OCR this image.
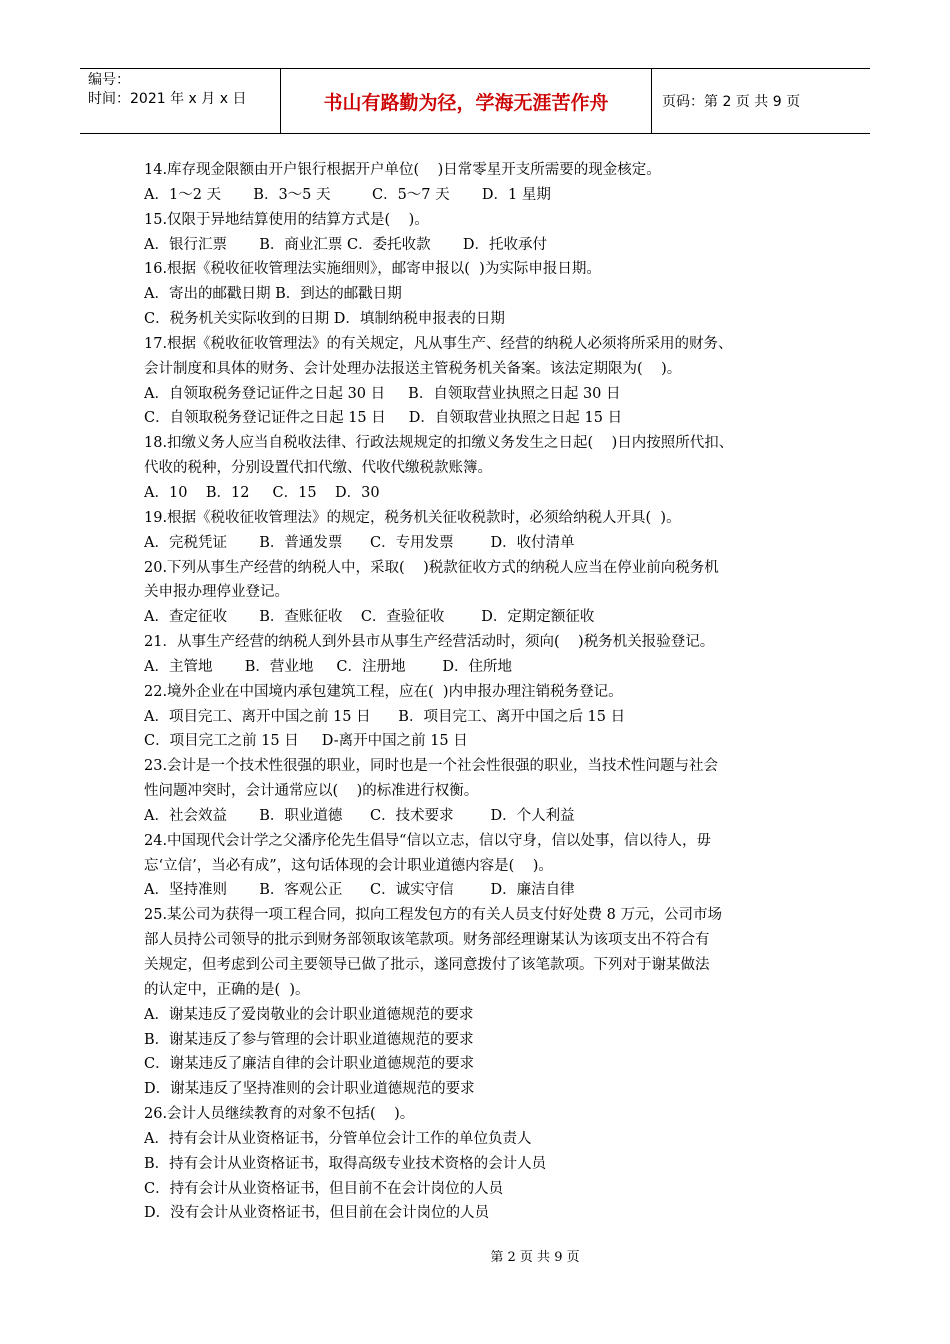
编号：
时间：2021 年 x 月 x 日	书山有路勤为径，学海无涯苦作舟	页码：第 2 页 共 9 页
14.库存现金限额由开户银行根据开户单位(    )日常零星开支所需要的现金核定。
A．1～2 天       B．3～5 天         C．5～7 天       D．1 星期
15.仅限于异地结算使用的结算方式是(    )。
A．银行汇票       B．商业汇票 C．委托收款       D．托收承付
16.根据《税收征收管理法实施细则》，邮寄申报以(  )为实际申报日期。
A．寄出的邮戳日期 B．到达的邮戳日期
C．税务机关实际收到的日期 D．填制纳税申报表的日期
17.根据《税收征收管理法》的有关规定，凡从事生产、经营的纳税人必须将所采用的财务、
会计制度和具体的财务、会计处理办法报送主管税务机关备案。该法定期限为(    )。
A．自领取税务登记证件之日起 30 日     B．自领取营业执照之日起 30 日
C．自领取税务登记证件之日起 15 日     D．自领取营业执照之日起 15 日
18.扣缴义务人应当自税收法律、行政法规规定的扣缴义务发生之日起(    )日内按照所代扣、
代收的税种，分别设置代扣代缴、代收代缴税款账簿。
A．10    B．12     C．15    D．30
19.根据《税收征收管理法》的规定，税务机关征收税款时，必须给纳税人开具(  )。
A．完税凭证       B．普通发票      C．专用发票        D．收付清单
20.下列从事生产经营的纳税人中，采取(    )税款征收方式的纳税人应当在停业前向税务机
关申报办理停业登记。
A．查定征收       B．查账征收    C．查验征收        D．定期定额征收
21．从事生产经营的纳税人到外县市从事生产经营活动时，须向(    )税务机关报验登记。
A．主管地       B．营业地     C．注册地        D．住所地
22.境外企业在中国境内承包建筑工程，应在(  )内申报办理注销税务登记。
A．项目完工、离开中国之前 15 日      B．项目完工、离开中国之后 15 日
C．项目完工之前 15 日     D-离开中国之前 15 日
23.会计是一个技术性很强的职业，同时也是一个社会性很强的职业，当技术性问题与社会
性问题冲突时，会计通常应以(    )的标准进行权衡。
A．社会效益       B．职业道德      C．技术要求        D．个人利益
24.中国现代会计学之父潘序伦先生倡导“信以立志，信以守身，信以处事，信以待人，毋
忘‘立信’，当必有成”，这句话体现的会计职业道德内容是(    )。
A．坚持准则       B．客观公正      C．诚实守信        D．廉洁自律
25.某公司为获得一项工程合同，拟向工程发包方的有关人员支付好处费 8 万元，公司市场
部人员持公司领导的批示到财务部领取该笔款项。财务部经理谢某认为该项支出不符合有
关规定，但考虑到公司主要领导已做了批示，遂同意拨付了该笔款项。下列对于谢某做法
的认定中，正确的是(  )。
A．谢某违反了爱岗敬业的会计职业道德规范的要求
B．谢某违反了参与管理的会计职业道德规范的要求
C．谢某违反了廉洁自律的会计职业道德规范的要求
D．谢某违反了坚持准则的会计职业道德规范的要求
26.会计人员继续教育的对象不包括(    )。
A．持有会计从业资格证书，分管单位会计工作的单位负责人
B．持有会计从业资格证书，取得高级专业技术资格的会计人员
C．持有会计从业资格证书，但目前不在会计岗位的人员
D．没有会计从业资格证书，但目前在会计岗位的人员
第 2 页 共 9 页
